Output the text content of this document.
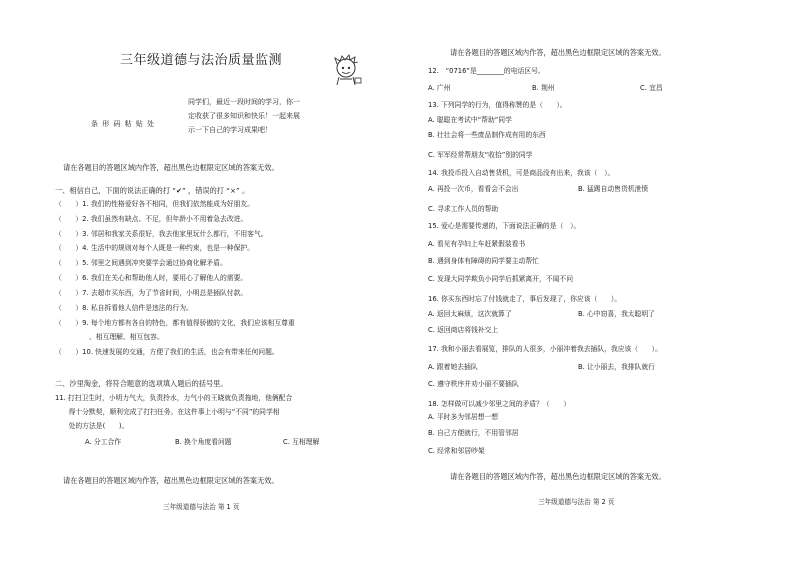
三年级道德与法治质量监测
条 形 码 粘 贴 处
同学们，最近一段时间的学习，你一
定收获了很多知识和快乐！一起来展
示一下自己的学习成果吧！
请在各题目的答题区域内作答，超出黑色边框限定区域的答案无效。
一、相信自己，下面的说法正确的打 “✔” ，错误的打 “×” 。
（　　）1. 我们的性格爱好各不相同，但我们依然能成为好朋友。
（　　）2. 我们虽然有缺点、不足，但年龄小不用着急去改进。
（　　）3. 邻居和我家关系很好，我去他家里玩什么都行，不用客气。
（　　）4. 生活中的规则对每个人既是一种约束，也是一种保护。
（　　）5. 邻里之间遇到冲突要学会通过协商化解矛盾。
（　　）6. 我们在关心和帮助他人时，要用心了解他人的需要。
（　　）7. 去超市买东西，为了节省时间，小明总是插队付款。
（　　）8. 私自拆看他人信件是违法的行为。
（　　）9. 每个地方都有各自的特色，都有值得骄傲的文化，我们应该相互尊重
　　　　　、相互理解、相互包容。
（　　）10. 快速发展的交通，方便了我们的生活，也会有带来任何问题。
二、沙里淘金，将符合题意的选项填入题后的括号里。
11. 打扫卫生时，小明力气大，负责拎水，力气小的王晓就负责拖地，他俩配合
　　得十分默契，顺利完成了打扫任务。在这件事上小明与“不同”的同学相
　　处的方法是(　　)。
A. 分工合作	B. 换个角度看问题	C. 互相理解
请在各题目的答题区域内作答，超出黑色边框限定区域的答案无效。
三年级道德与法治 第 1 页
请在各题目的答题区域内作答，超出黑色边框限定区域的答案无效。
12.　“0716”是________的电话区号。
A. 广州	B. 荆州	C. 宜昌
13. 下列同学的行为，值得称赞的是（　　）。
A. 聪聪在考试中“帮助”同学
B. 壮壮会将一些废品制作成有用的东西
C. 军军经常帮朋友“收拾”别的同学
14. 我投币投入自动售货机，可是商品没有出来，我该（　）。
A. 再投一次币，看看会不会出	B. 猛踢自动售货机泄愤
C. 寻求工作人员的帮助
15. 爱心是需要传递的，下面说法正确的是（　）。
A. 看见有孕妇上车赶紧假装看书
B. 遇到身体有障碍的同学要主动帮忙
C. 发现大同学欺负小同学后抓紧离开，不闻不问
16. 你买东西时忘了付钱就走了，事后发现了，你应该（　　）。
A. 返回太麻烦，这次就算了	B. 心中窃喜，我太聪明了
C. 返回商店将钱补交上
17. 我和小丽去看展览，排队的人很多，小丽冲着我去插队，我应该（　　）。
A. 跟着她去插队	B. 让小丽去，我排队就行
C. 遵守秩序并劝小丽不要插队
18. 怎样做可以减少邻里之间的矛盾？（　　）
A. 平时多为邻居想一想
B. 自己方便就行，不用管邻居
C. 经常和邻居吵架
请在各题目的答题区域内作答，超出黑色边框限定区域的答案无效。
三年级道德与法治 第 2 页
